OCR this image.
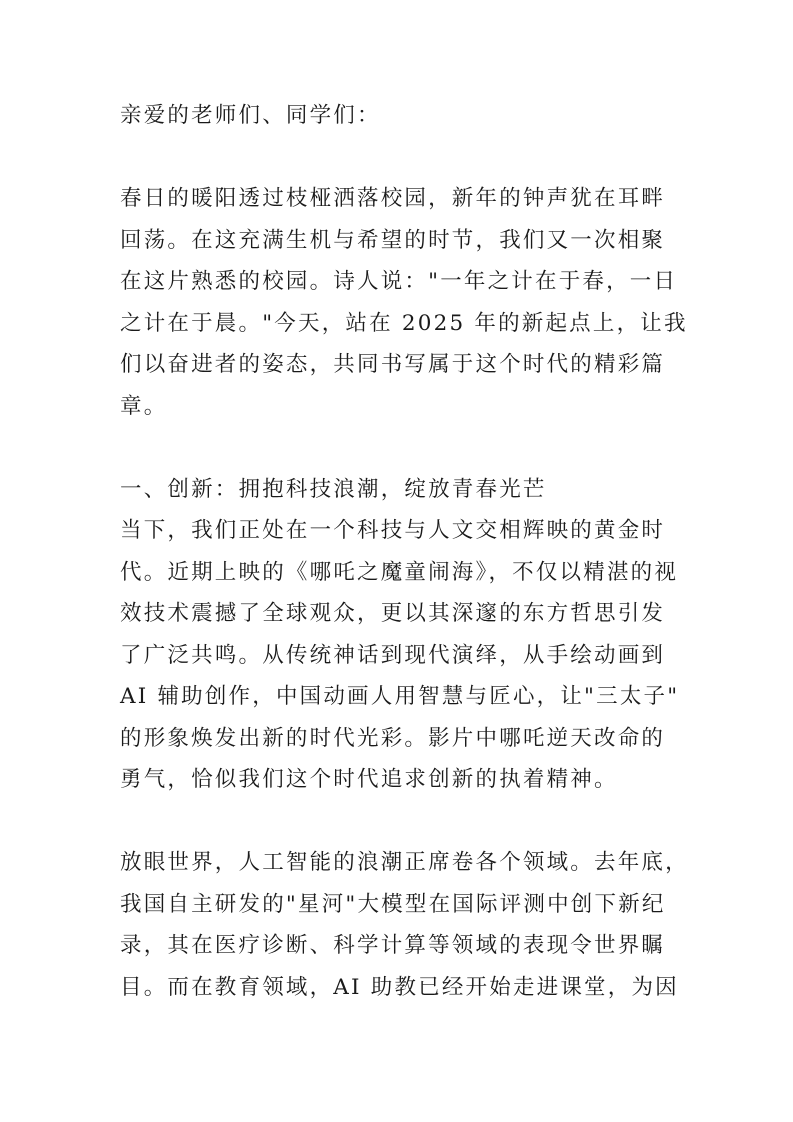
亲爱的老师们、同学们：
春日的暖阳透过枝桠洒落校园，新年的钟声犹在耳畔
回荡。在这充满生机与希望的时节，我们又一次相聚
在这片熟悉的校园。诗人说："一年之计在于春，一日
之计在于晨。"今天，站在 2025 年的新起点上，让我
们以奋进者的姿态，共同书写属于这个时代的精彩篇
章。
一、创新：拥抱科技浪潮，绽放青春光芒
当下，我们正处在一个科技与人文交相辉映的黄金时
代。近期上映的《哪吒之魔童闹海》，不仅以精湛的视
效技术震撼了全球观众，更以其深邃的东方哲思引发
了广泛共鸣。从传统神话到现代演绎，从手绘动画到
AI 辅助创作，中国动画人用智慧与匠心，让"三太子"
的形象焕发出新的时代光彩。影片中哪吒逆天改命的
勇气，恰似我们这个时代追求创新的执着精神。
放眼世界，人工智能的浪潮正席卷各个领域。去年底，
我国自主研发的"星河"大模型在国际评测中创下新纪
录，其在医疗诊断、科学计算等领域的表现令世界瞩
目。而在教育领域，AI 助教已经开始走进课堂，为因
